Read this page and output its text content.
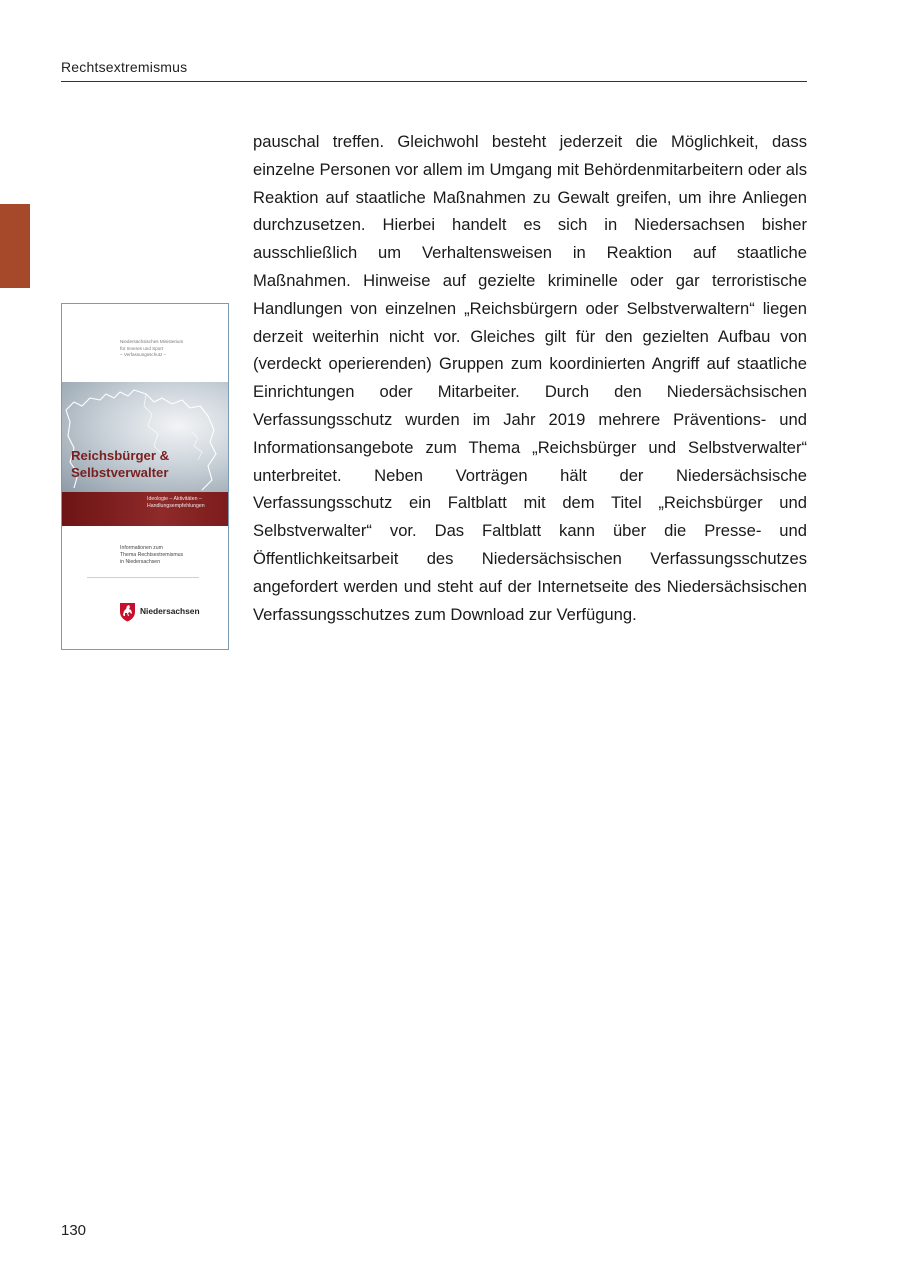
Rechtsextremismus
Niedersächsisches Ministerium
für Inneres und Sport
– Verfassungsschutz –
Reichsbürger &
Selbstverwalter
Ideologie – Aktivitäten –
Handlungsempfehlungen
Informationen zum
Thema Rechtsextremismus
in Niedersachsen
Niedersachsen

pauschal treffen. Gleichwohl besteht jederzeit die Möglichkeit, dass einzelne Personen vor allem im Umgang mit Behördenmitarbeitern oder als Reaktion auf staatliche Maßnahmen zu Gewalt greifen, um ihre Anliegen durchzusetzen. Hierbei handelt es sich in Niedersachsen bisher ausschließlich um Verhaltensweisen in Reaktion auf staatliche Maßnahmen. Hinweise auf gezielte kriminelle oder gar terroristische Handlungen von einzelnen „Reichsbürgern oder Selbstverwaltern“ liegen derzeit weiterhin nicht vor. Gleiches gilt für den gezielten Aufbau von (verdeckt operierenden) Gruppen zum koordinierten Angriff auf staatliche Einrichtungen oder Mitarbeiter. Durch den Niedersächsischen Verfassungsschutz wurden im Jahr 2019 mehrere Präventions- und Informationsangebote zum Thema „Reichsbürger und Selbstverwalter“ unterbreitet. Neben Vorträgen hält der Niedersächsische Verfassungsschutz ein Faltblatt mit dem Titel „Reichsbürger und Selbstverwalter“ vor. Das Faltblatt kann über die Presse- und Öffentlichkeitsarbeit des Niedersächsischen Verfassungsschutzes angefordert werden und steht auf der Internetseite des Niedersächsischen Verfassungsschutzes zum Download zur Verfügung.

130
